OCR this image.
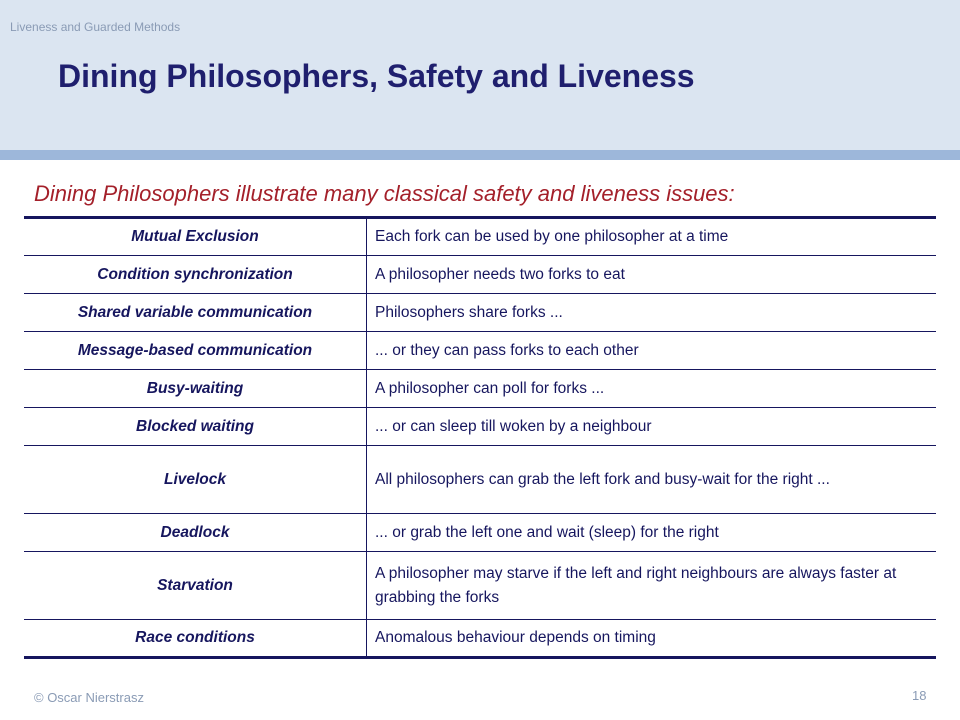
Liveness and Guarded Methods
Dining Philosophers, Safety and Liveness
Dining Philosophers illustrate many classical safety and liveness issues:
Mutual Exclusion	Each fork can be used by one philosopher at a time
Condition synchronization	A philosopher needs two forks to eat
Shared variable communication	Philosophers share forks ...
Message-based communication	... or they can pass forks to each other
Busy-waiting	A philosopher can poll for forks ...
Blocked waiting	... or can sleep till woken by a neighbour
Livelock	All philosophers can grab the left fork and busy-wait for the right ...
Deadlock	... or grab the left one and wait (sleep) for the right
Starvation	A philosopher may starve if the left and right neighbours are always faster at grabbing the forks
Race conditions	Anomalous behaviour depends on timing
© Oscar Nierstrasz	18
